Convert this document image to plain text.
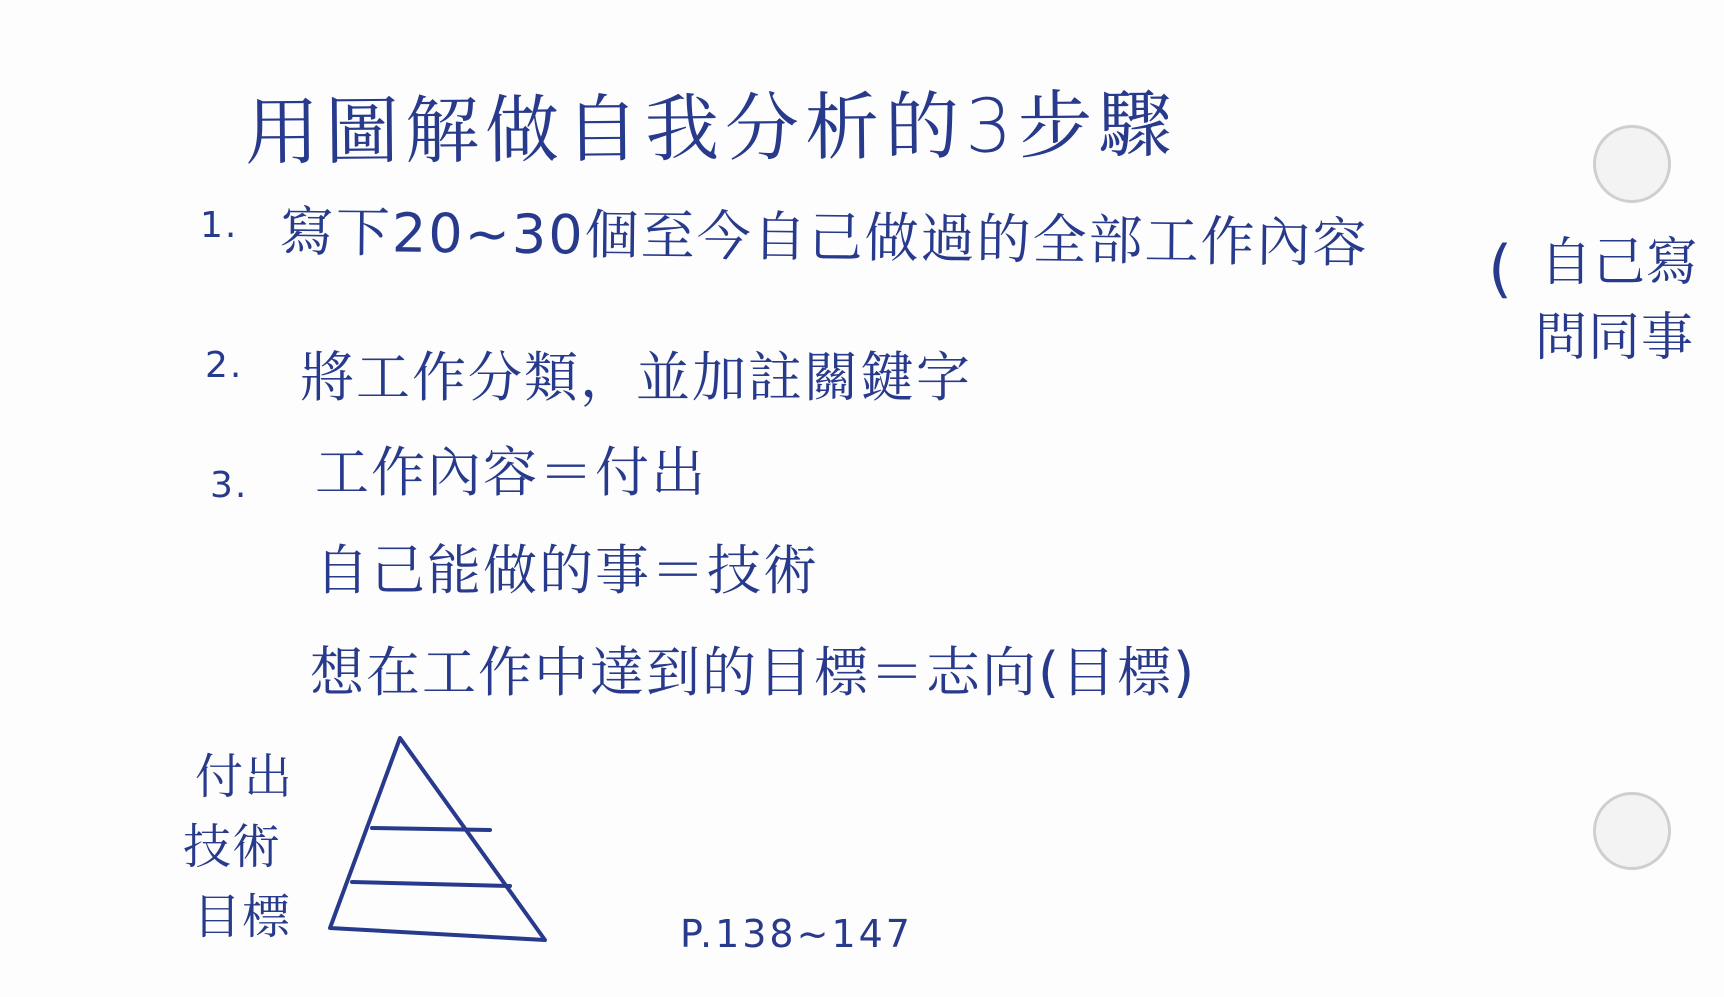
用圖解做自我分析的3步驟
1. 寫下20~30個至今自己做過的全部工作內容 ( 自己寫
問同事
2. 將工作分類，並加註關鍵字
3. 工作內容＝付出
自己能做的事＝技術
想在工作中達到的目標＝志向(目標)
付出
技術
目標	P.138~147
